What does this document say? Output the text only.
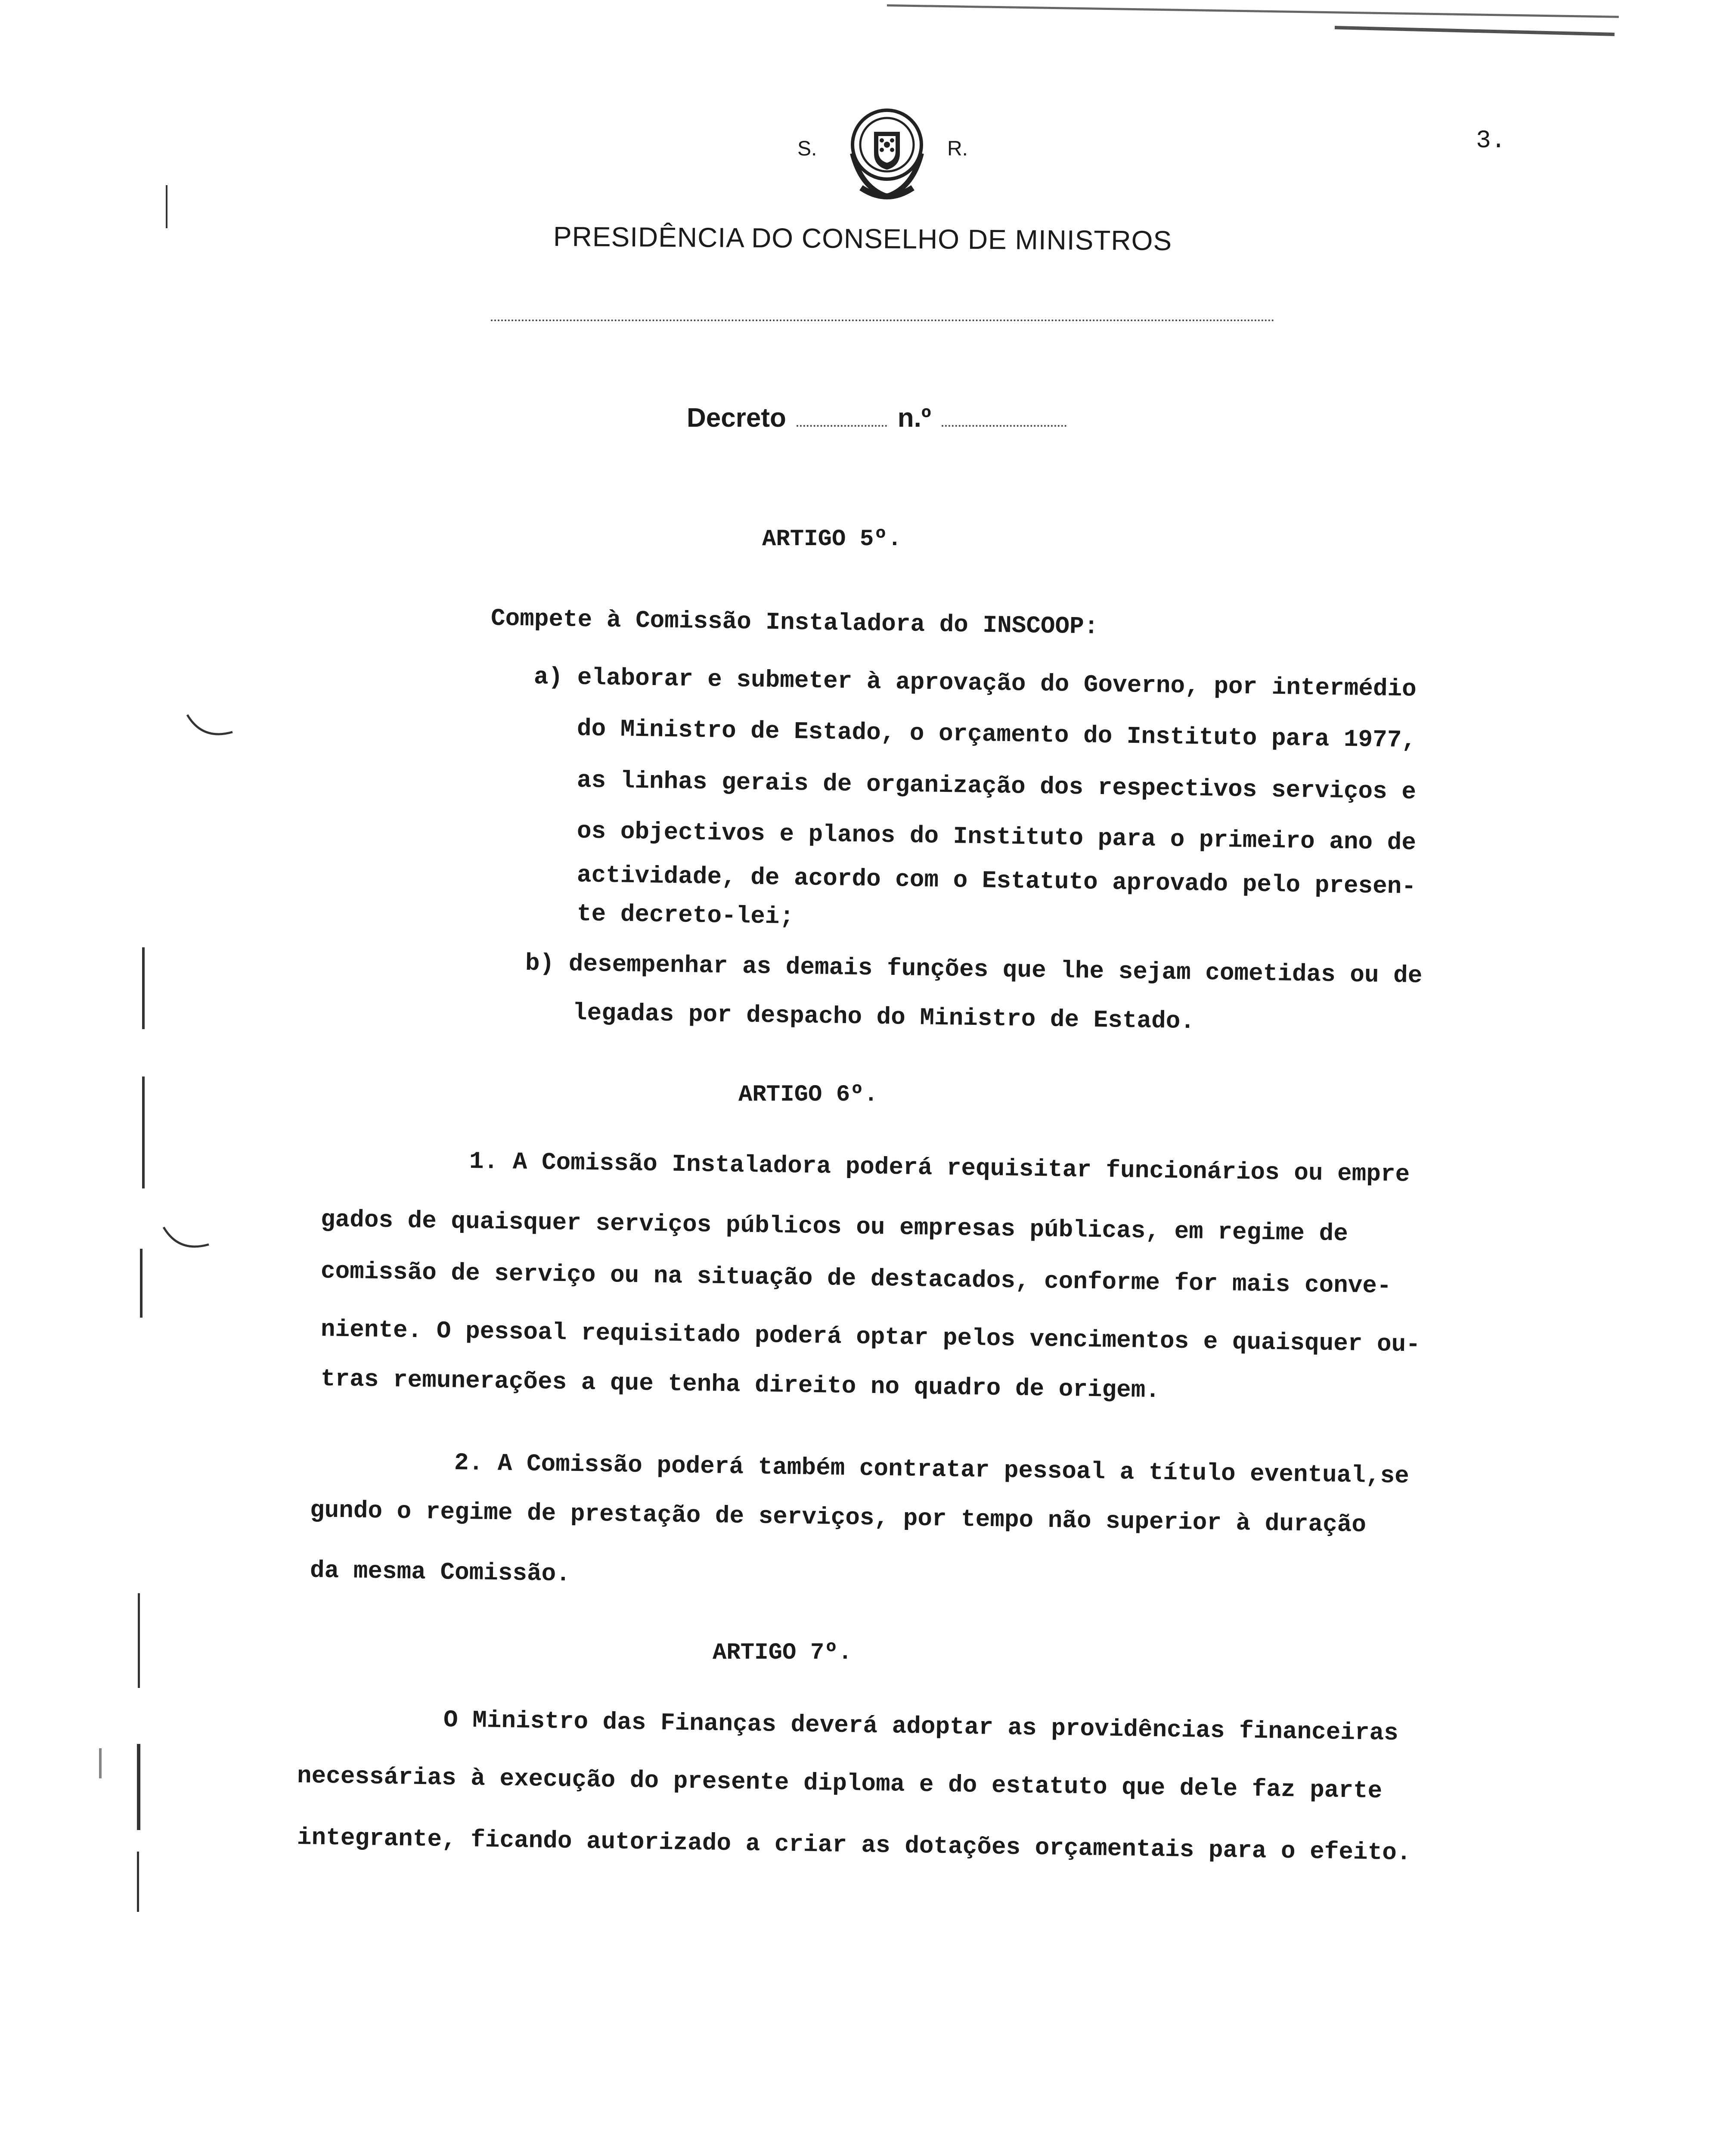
S.	R.	3.
PRESIDÊNCIA DO CONSELHO DE MINISTROS
Decreto	n.º
ARTIGO 5º.
Compete à Comissão Instaladora do INSCOOP:
a) elaborar e submeter à aprovação do Governo, por intermédio
do Ministro de Estado, o orçamento do Instituto para 1977,
as linhas gerais de organização dos respectivos serviços e
os objectivos e planos do Instituto para o primeiro ano de
actividade, de acordo com o Estatuto aprovado pelo presen-
te decreto-lei;
b) desempenhar as demais funções que lhe sejam cometidas ou de
legadas por despacho do Ministro de Estado.
ARTIGO 6º.
1. A Comissão Instaladora poderá requisitar funcionários ou empre
gados de quaisquer serviços públicos ou empresas públicas, em regime de
comissão de serviço ou na situação de destacados, conforme for mais conve-
niente. O pessoal requisitado poderá optar pelos vencimentos e quaisquer ou-
tras remunerações a que tenha direito no quadro de origem.
2. A Comissão poderá também contratar pessoal a título eventual,se
gundo o regime de prestação de serviços, por tempo não superior à duração
da mesma Comissão.
ARTIGO 7º.
O Ministro das Finanças deverá adoptar as providências financeiras
necessárias à execução do presente diploma e do estatuto que dele faz parte
integrante, ficando autorizado a criar as dotações orçamentais para o efeito.
